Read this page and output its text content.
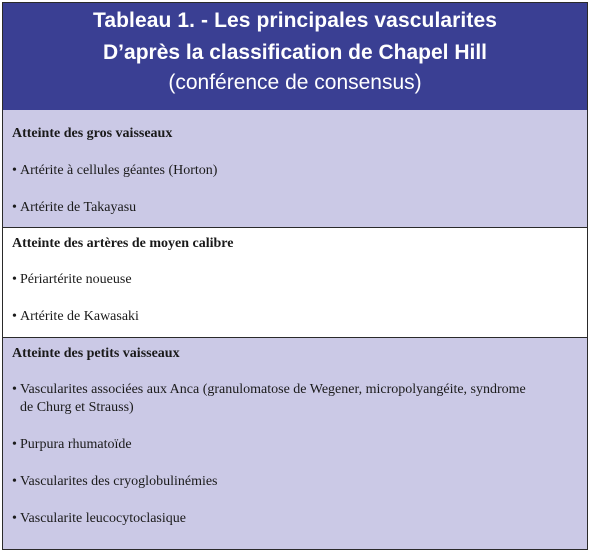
Tableau 1. - Les principales vascularites
D’après la classification de Chapel Hill
(conférence de consensus)
Atteinte des gros vaisseaux
• Artérite à cellules géantes (Horton)
• Artérite de Takayasu
Atteinte des artères de moyen calibre
• Périartérite noueuse
• Artérite de Kawasaki
Atteinte des petits vaisseaux
• Vascularites associées aux Anca (granulomatose de Wegener, micropolyangéite, syndrome
de Churg et Strauss)
• Purpura rhumatoïde
• Vascularites des cryoglobulinémies
• Vascularite leucocytoclasique
